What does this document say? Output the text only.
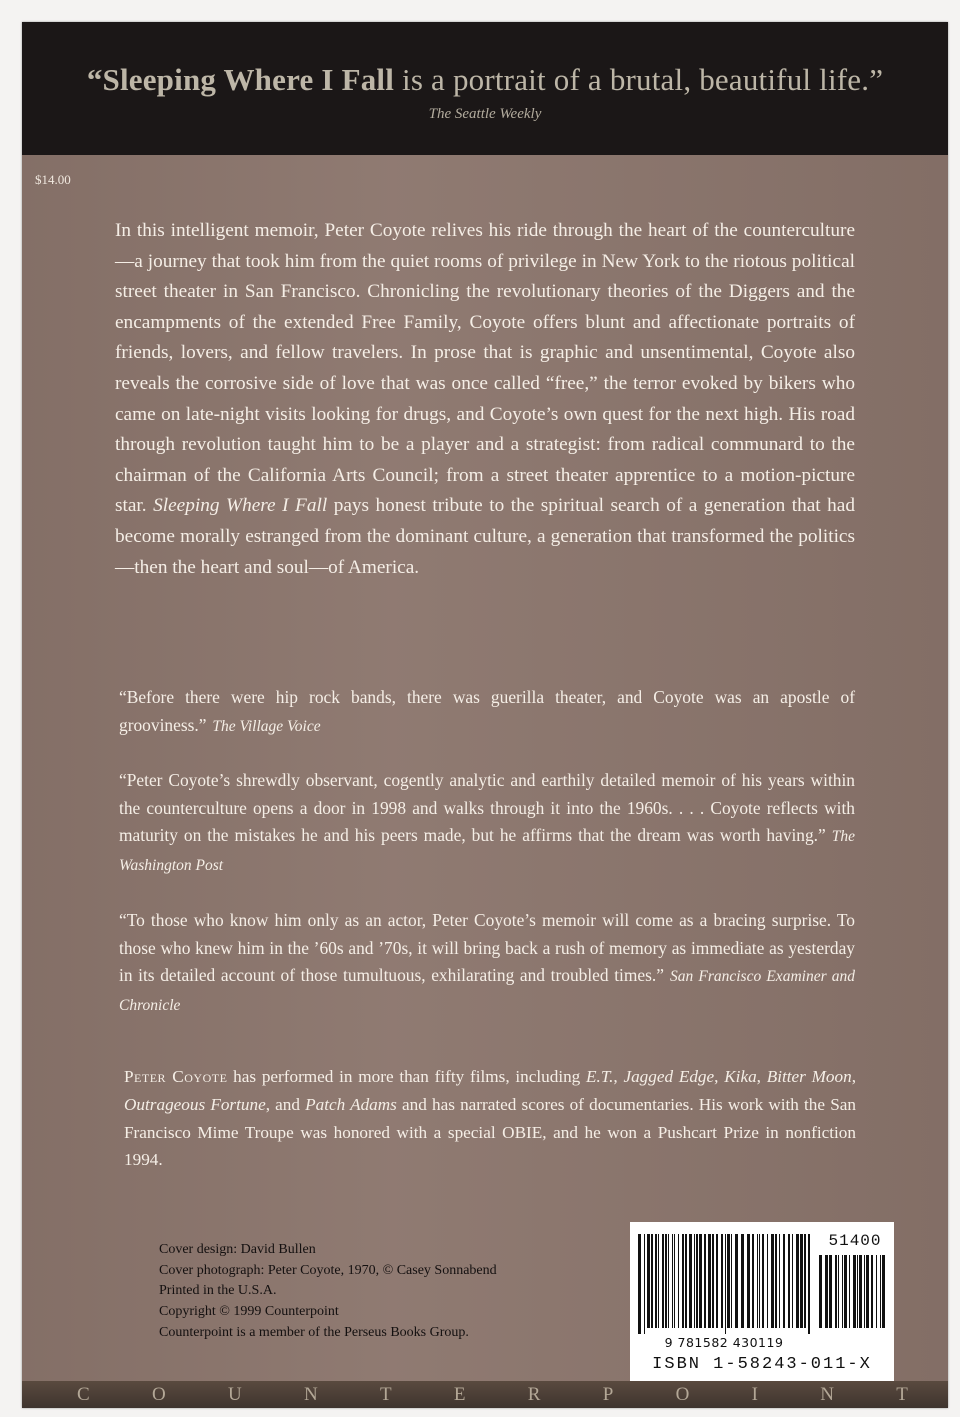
“Sleeping Where I Fall is a portrait of a brutal, beautiful life.”
The Seattle Weekly
$14.00
In this intelligent memoir, Peter Coyote relives his ride through the heart of the counterculture—a journey that took him from the quiet rooms of privilege in New York to the riotous political street theater in San Francisco. Chronicling the revolutionary theories of the Diggers and the encampments of the extended Free Family, Coyote offers blunt and affectionate portraits of friends, lovers, and fellow travelers. In prose that is graphic and unsentimental, Coyote also reveals the corrosive side of love that was once called “free,” the terror evoked by bikers who came on late-night visits looking for drugs, and Coyote’s own quest for the next high. His road through revolution taught him to be a player and a strategist: from radical communard to the chairman of the California Arts Council; from a street theater apprentice to a motion-picture star. Sleeping Where I Fall pays honest tribute to the spiritual search of a generation that had become morally estranged from the dominant culture, a generation that transformed the politics—then the heart and soul—of America.
“Before there were hip rock bands, there was guerilla theater, and Coyote was an apostle of grooviness.” The Village Voice
“Peter Coyote’s shrewdly observant, cogently analytic and earthily detailed memoir of his years within the counterculture opens a door in 1998 and walks through it into the 1960s. . . . Coyote reflects with maturity on the mistakes he and his peers made, but he affirms that the dream was worth having.” The Washington Post
“To those who know him only as an actor, Peter Coyote’s memoir will come as a bracing surprise. To those who knew him in the ’60s and ’70s, it will bring back a rush of memory as immediate as yesterday in its detailed account of those tumultuous, exhilarating and troubled times.” San Francisco Examiner and Chronicle
Peter Coyote has performed in more than fifty films, including E.T., Jagged Edge, Kika, Bitter Moon, Outrageous Fortune, and Patch Adams and has narrated scores of documentaries. His work with the San Francisco Mime Troupe was honored with a special OBIE, and he won a Pushcart Prize in nonfiction 1994.
Cover design: David Bullen
Cover photograph: Peter Coyote, 1970, © Casey Sonnabend
Printed in the U.S.A.
Copyright © 1999 Counterpoint
Counterpoint is a member of the Perseus Books Group.
51400
9 781582 430119
ISBN 1-58243-011-X
C	O	U	N	T	E	R	P	O	I	N	T
